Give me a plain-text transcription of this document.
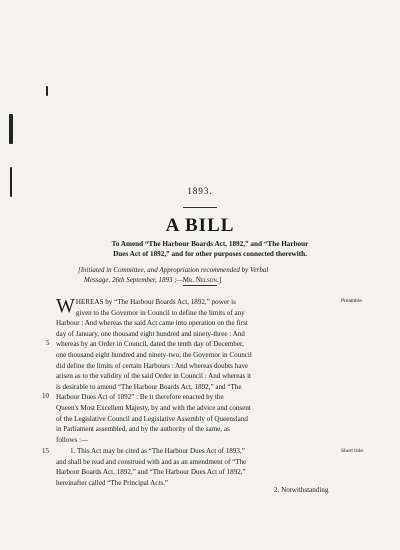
1893.
A BILL
To Amend “The Harbour Boards Act, 1892,” and “The Harbour
Dues Act of 1892,” and for other purposes connected therewith.
[Initiated in Committee, and Appropriation recommended by Verbal
Message, 26th September, 1893 ;—Mr. Nelson.]
Preamble.
5
10
W HEREAS by “The Harbour Boards Act, 1892,” power is
given to the Governor in Council to define the limits of any
Harbour : And whereas the said Act came into operation on the first
day of January, one thousand eight hundred and ninety-three : And
whereas by an Order in Council, dated the tenth day of December,
one thousand eight hundred and ninety-two, the Governor in Council
did define the limits of certain Harbours : And whereas doubts have
arisen as to the validity of the said Order in Council : And whereas it
is desirable to amend “The Harbour Boards Act, 1892,” and “The
Harbour Dues Act of 1892” : Be it therefore enacted by the
Queen's Most Excellent Majesty, by and with the advice and consent
of the Legislative Council and Legislative Assembly of Queensland
in Parliament assembled, and by the authority of the same, as
follows :—
15	Short title.
1. This Act may be cited as “The Harbour Dues Act of 1893,”
and shall be read and construed with and as an amendment of “The
Harbour Boards Act, 1892,” and “The Harbour Dues Act of 1892,”
hereinafter called “The Principal Acts.”
2. Notwithstanding
